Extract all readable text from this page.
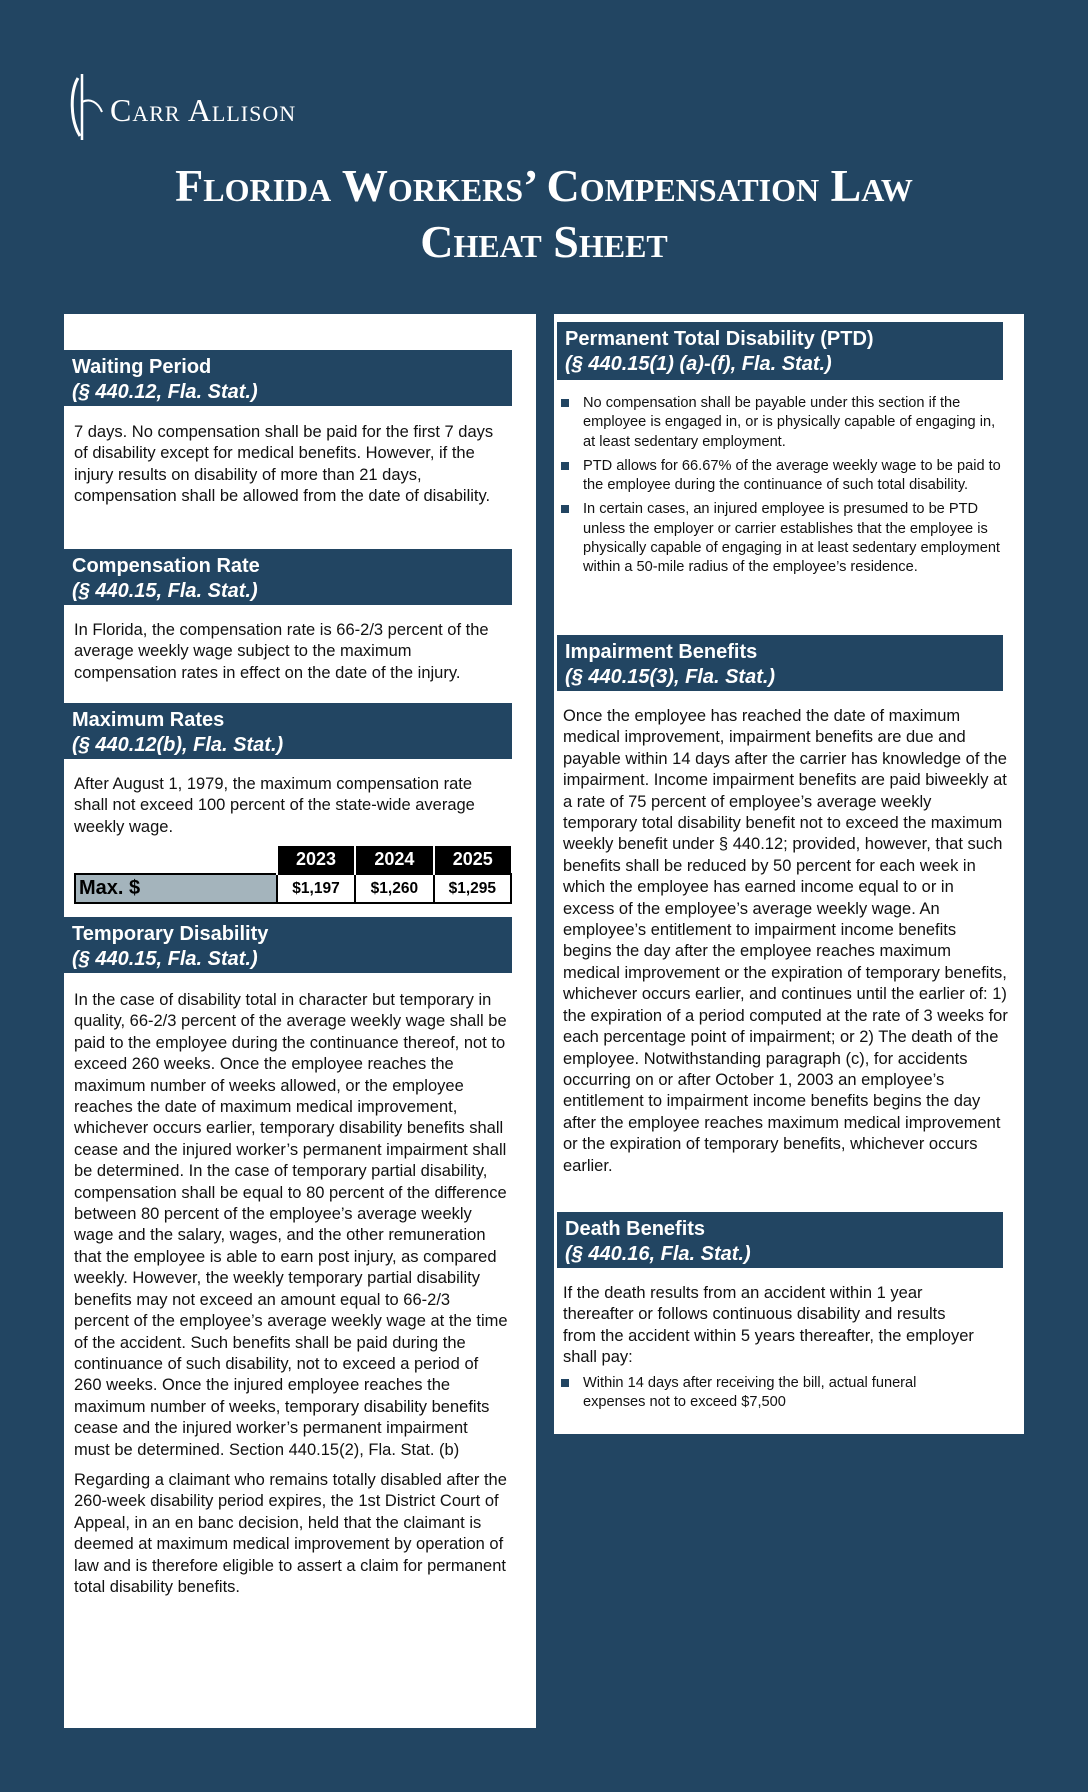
Carr Allison
Florida Workers’ Compensation Law
Cheat Sheet
Waiting Period
(§ 440.12, Fla. Stat.)
7 days. No compensation shall be paid for the first 7 days of disability except for medical benefits. However, if the injury results on disability of more than 21 days, compensation shall be allowed from the date of disability.
Compensation Rate
(§ 440.15, Fla. Stat.)
In Florida, the compensation rate is 66-2/3 percent of the average weekly wage subject to the maximum compensation rates in effect on the date of the injury.
Maximum Rates
(§ 440.12(b), Fla. Stat.)
After August 1, 1979, the maximum compensation rate shall not exceed 100 percent of the state-wide average weekly wage.
	2023	2024	2025
Max. $	$1,197	$1,260	$1,295
Temporary Disability
(§ 440.15, Fla. Stat.)

In the case of disability total in character but temporary in quality, 66-2/3 percent of the average weekly wage shall be paid to the employee during the continuance thereof, not to exceed 260 weeks. Once the employee reaches the maximum number of weeks allowed, or the employee reaches the date of maximum medical improvement, whichever occurs earlier, temporary disability benefits shall cease and the injured worker’s permanent impairment shall be determined. In the case of temporary partial disability, compensation shall be equal to 80 percent of the difference between 80 percent of the employee’s average weekly wage and the salary, wages, and the other remuneration that the employee is able to earn post injury, as compared weekly. However, the weekly temporary partial disability benefits may not exceed an amount equal to 66-2/3 percent of the employee’s average weekly wage at the time of the accident. Such benefits shall be paid during the continuance of such disability, not to exceed a period of 260 weeks. Once the injured employee reaches the maximum number of weeks, temporary disability benefits cease and the injured worker’s permanent impairment must be determined. Section 440.15(2), Fla. Stat. (b)

Regarding a claimant who remains totally disabled after the 260-week disability period expires, the 1st District Court of Appeal, in an en banc decision, held that the claimant is deemed at maximum medical improvement by operation of law and is therefore eligible to assert a claim for permanent total disability benefits.

Permanent Total Disability (PTD)
(§ 440.15(1) (a)-(f), Fla. Stat.)
No compensation shall be payable under this section if the employee is engaged in, or is physically capable of engaging in, at least sedentary employment.
PTD allows for 66.67% of the average weekly wage to be paid to the employee during the continuance of such total disability.
In certain cases, an injured employee is presumed to be PTD unless the employer or carrier establishes that the employee is physically capable of engaging in at least sedentary employment within a 50-mile radius of the employee’s residence.
Impairment Benefits
(§ 440.15(3), Fla. Stat.)
Once the employee has reached the date of maximum medical improvement, impairment benefits are due and payable within 14 days after the carrier has knowledge of the impairment. Income impairment benefits are paid biweekly at a rate of 75 percent of employee’s average weekly temporary total disability benefit not to exceed the maximum weekly benefit under § 440.12; provided, however, that such benefits shall be reduced by 50 percent for each week in which the employee has earned income equal to or in excess of the employee’s average weekly wage. An employee’s entitlement to impairment income benefits begins the day after the employee reaches maximum medical improvement or the expiration of temporary benefits, whichever occurs earlier, and continues until the earlier of: 1) the expiration of a period computed at the rate of 3 weeks for each percentage point of impairment; or 2) The death of the employee. Notwithstanding paragraph (c), for accidents occurring on or after October 1, 2003 an employee’s entitlement to impairment income benefits begins the day after the employee reaches maximum medical improvement or the expiration of temporary benefits, whichever occurs earlier.
Death Benefits
(§ 440.16, Fla. Stat.)
If the death results from an accident within 1 year thereafter or follows continuous disability and results from the accident within 5 years thereafter, the employer shall pay:
Within 14 days after receiving the bill, actual funeral expenses not to exceed $7,500
